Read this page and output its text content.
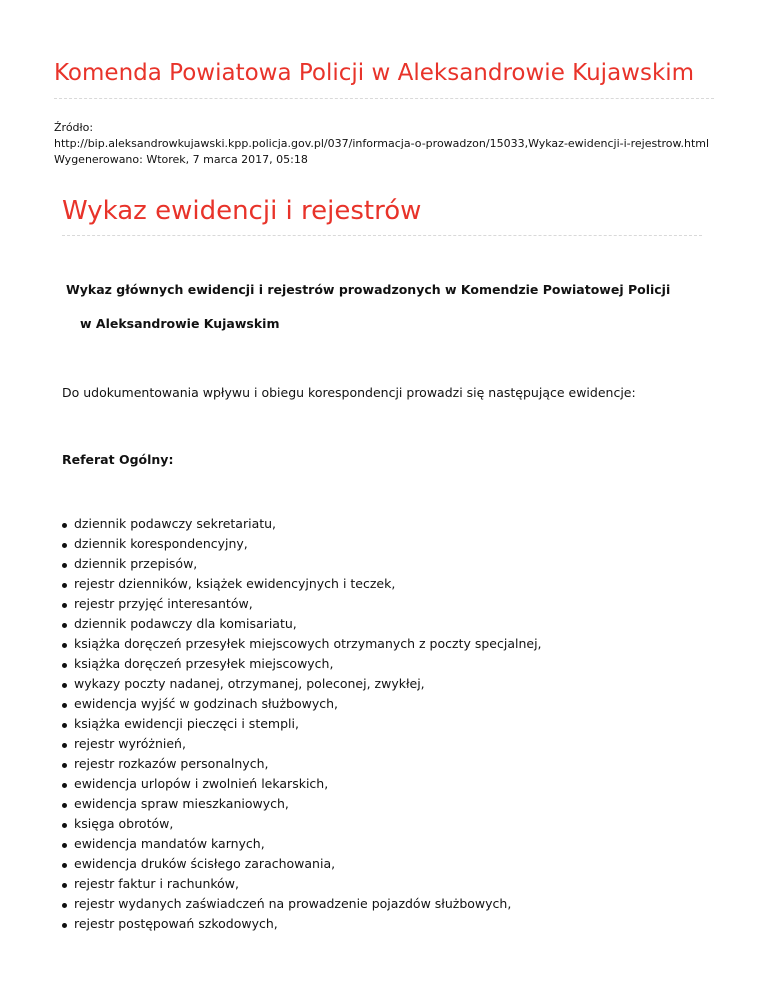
Komenda Powiatowa Policji w Aleksandrowie Kujawskim
Źródło:
http://bip.aleksandrowkujawski.kpp.policja.gov.pl/037/informacja-o-prowadzon/15033,Wykaz-ewidencji-i-rejestrow.html
Wygenerowano: Wtorek, 7 marca 2017, 05:18
Wykaz ewidencji i rejestrów
Wykaz głównych ewidencji i rejestrów prowadzonych w Komendzie Powiatowej Policji
w Aleksandrowie Kujawskim
Do udokumentowania wpływu i obiegu korespondencji prowadzi się następujące ewidencje:
Referat Ogólny:
dziennik podawczy sekretariatu,
dziennik korespondencyjny,
dziennik przepisów,
rejestr dzienników, książek ewidencyjnych i teczek,
rejestr przyjęć interesantów,
dziennik podawczy dla komisariatu,
książka doręczeń przesyłek miejscowych otrzymanych z poczty specjalnej,
książka doręczeń przesyłek miejscowych,
wykazy poczty nadanej, otrzymanej, poleconej, zwykłej,
ewidencja wyjść w godzinach służbowych,
książka ewidencji pieczęci i stempli,
rejestr wyróżnień,
rejestr rozkazów personalnych,
ewidencja urlopów i zwolnień lekarskich,
ewidencja spraw mieszkaniowych,
księga obrotów,
ewidencja mandatów karnych,
ewidencja druków ścisłego zarachowania,
rejestr faktur i rachunków,
rejestr wydanych zaświadczeń na prowadzenie pojazdów służbowych,
rejestr postępowań szkodowych,
